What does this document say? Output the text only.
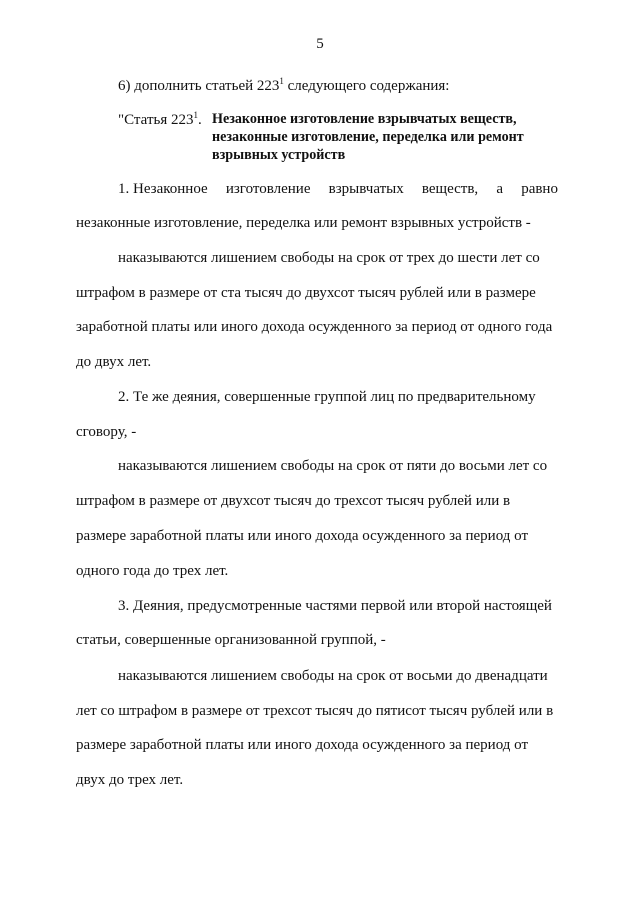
5
6) дополнить статьей $223^1$ следующего содержания:
"Статья $223^1$. Незаконное изготовление взрывчатых веществ,
незаконные изготовление, переделка или ремонт
взрывных устройств
1. Незаконное изготовление взрывчатых веществ, а равно
незаконные изготовление, переделка или ремонт взрывных устройств -
наказываются лишением свободы на срок от трех до шести лет со
штрафом в размере от ста тысяч до двухсот тысяч рублей или в размере
заработной платы или иного дохода осужденного за период от одного года
до двух лет.
2. Те же деяния, совершенные группой лиц по предварительному
сговору, -
наказываются лишением свободы на срок от пяти до восьми лет со
штрафом в размере от двухсот тысяч до трехсот тысяч рублей или в
размере заработной платы или иного дохода осужденного за период от
одного года до трех лет.
3. Деяния, предусмотренные частями первой или второй настоящей
статьи, совершенные организованной группой, -
наказываются лишением свободы на срок от восьми до двенадцати
лет со штрафом в размере от трехсот тысяч до пятисот тысяч рублей или в
размере заработной платы или иного дохода осужденного за период от
двух до трех лет.
